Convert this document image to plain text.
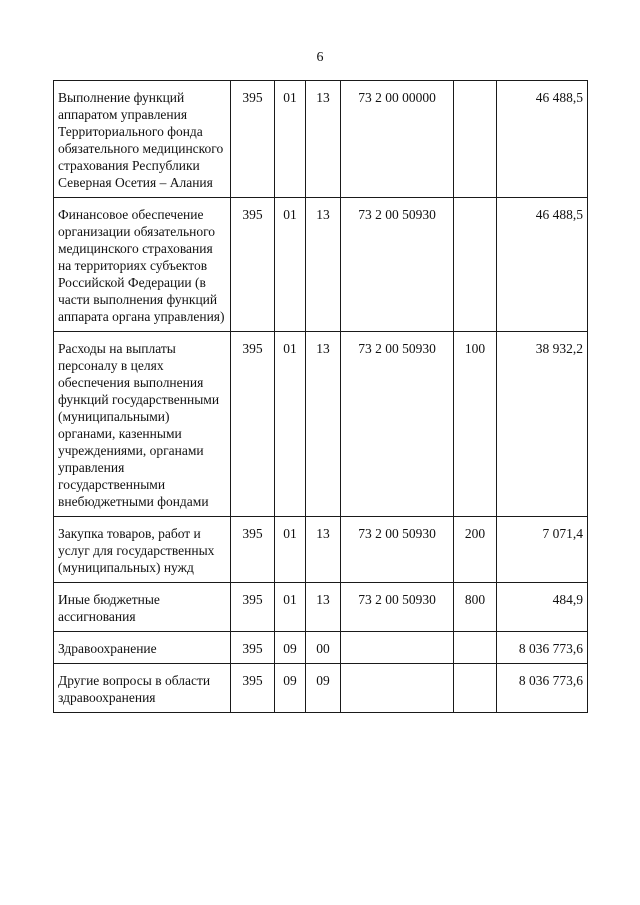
6
Выполнение функций аппаратом управления Территориального фонда обязательного медицинского страхования Республики Северная Осетия – Алания	395	01	13	73 2 00 00000		46 488,5
Финансовое обеспечение организации обязательного медицинского страхования на территориях субъектов Российской Федерации (в части выполнения функций аппарата органа управления)	395	01	13	73 2 00 50930		46 488,5
Расходы на выплаты персоналу в целях обеспечения выполнения функций государственными (муниципальными) органами, казенными учреждениями, органами управления государственными внебюджетными фондами	395	01	13	73 2 00 50930	100	38 932,2
Закупка товаров, работ и услуг для государственных (муниципальных) нужд	395	01	13	73 2 00 50930	200	7 071,4
Иные бюджетные ассигнования	395	01	13	73 2 00 50930	800	484,9
Здравоохранение	395	09	00			8 036 773,6
Другие вопросы в области здравоохранения	395	09	09			8 036 773,6
